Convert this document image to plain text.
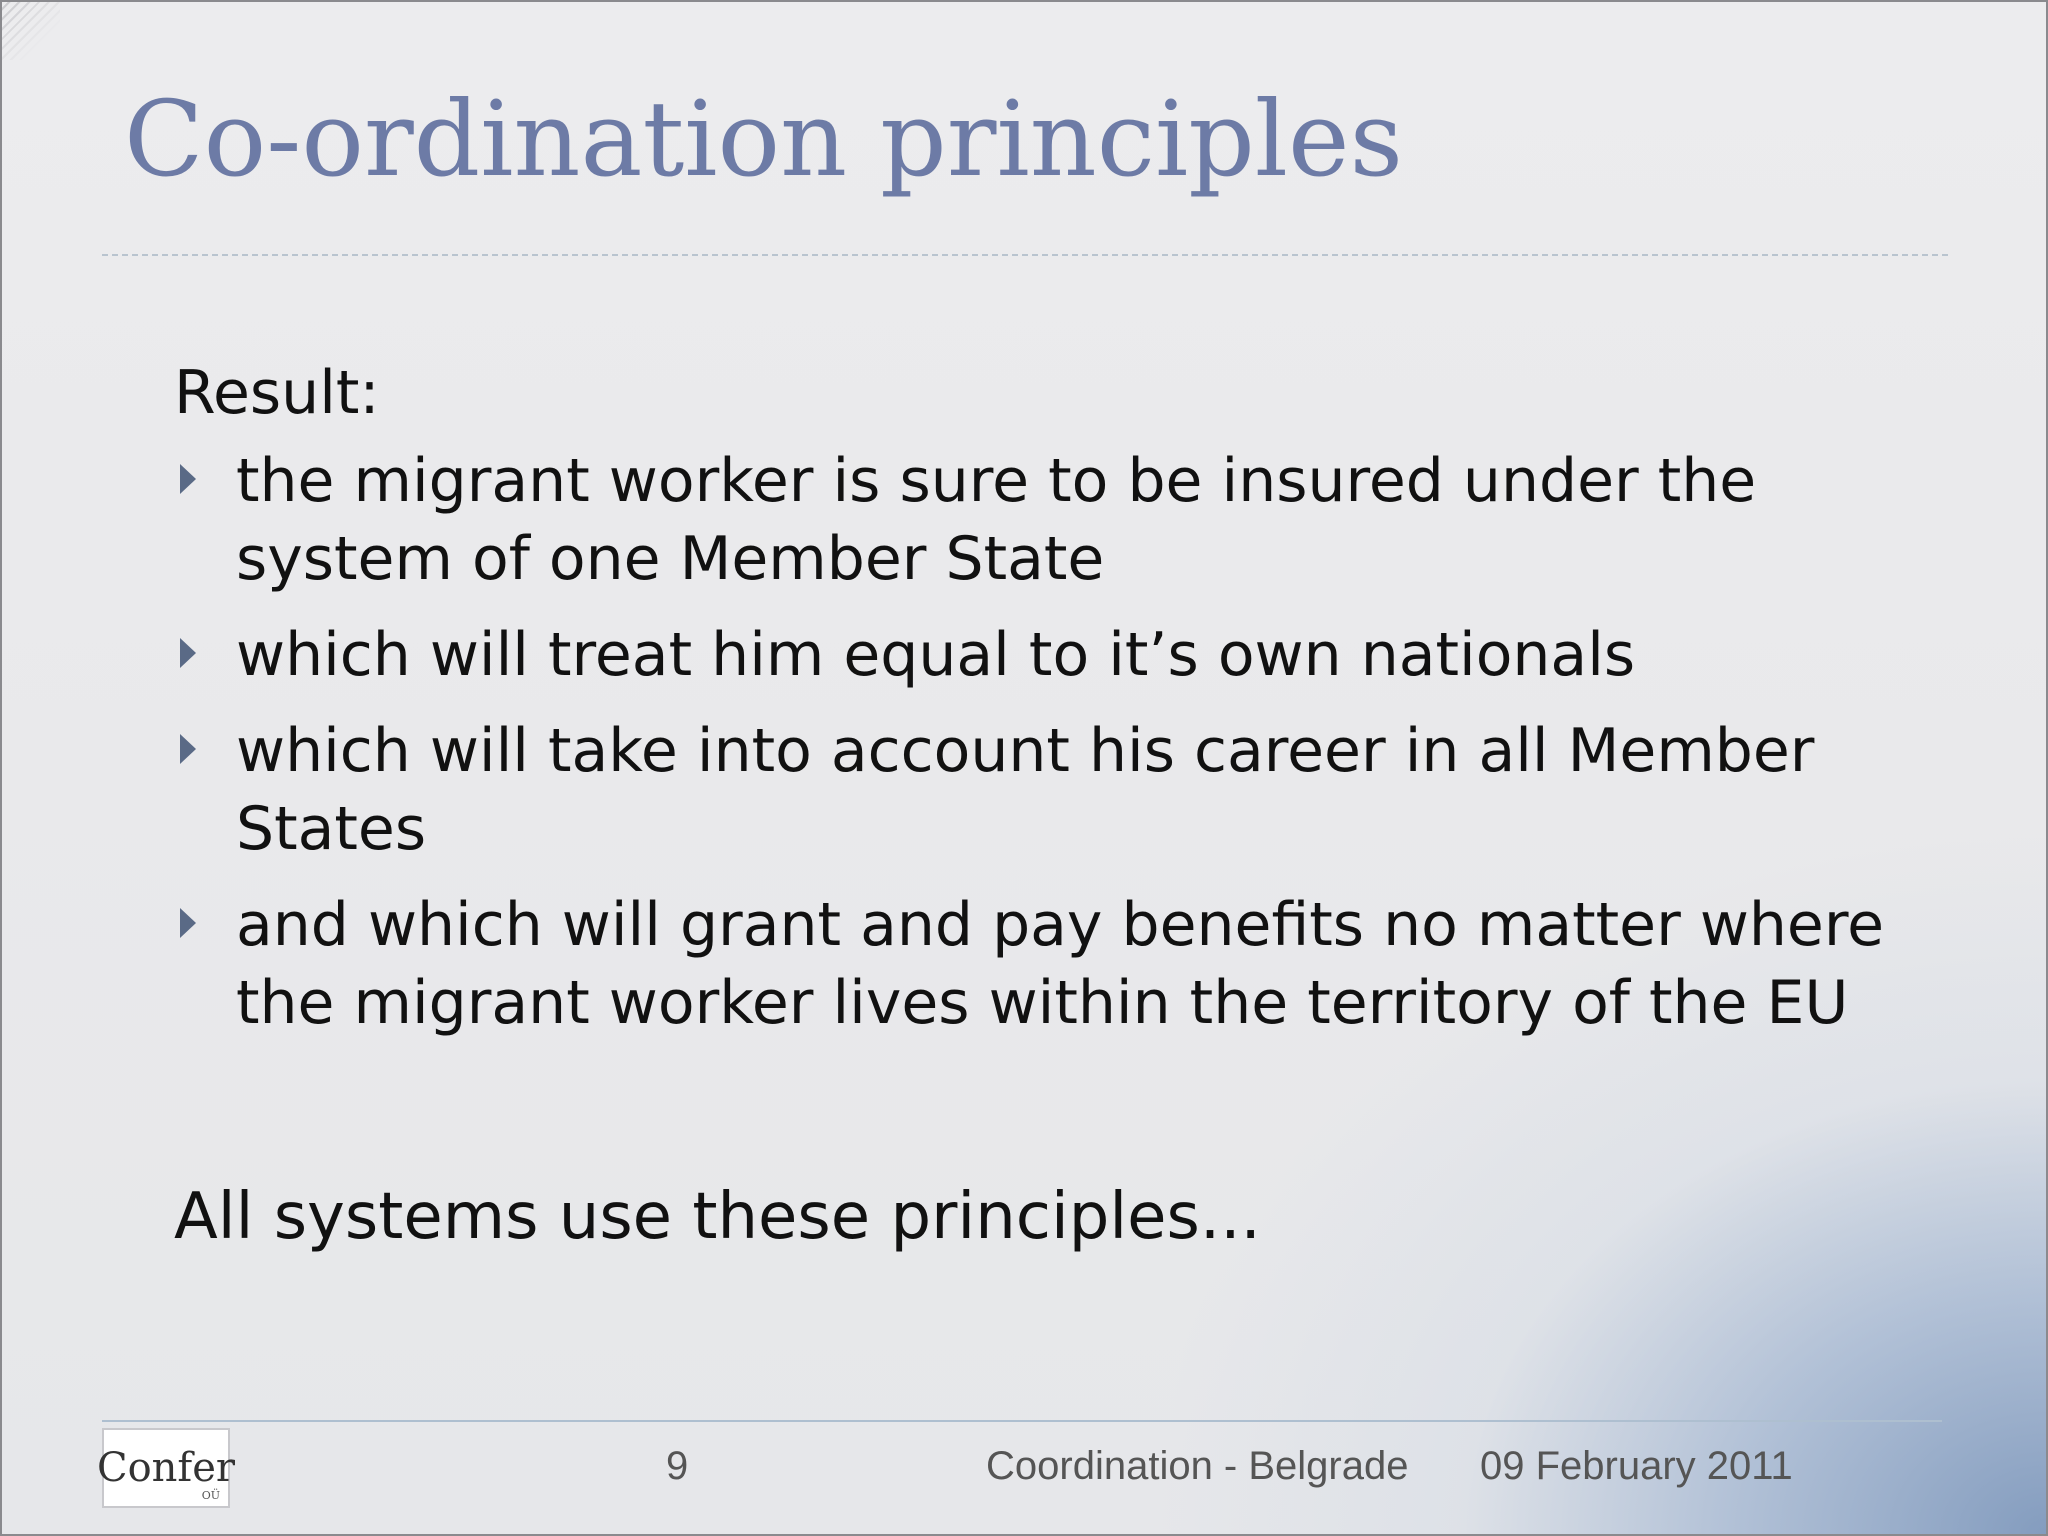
Co-ordination principles
Result:
the migrant worker is sure to be insured under the system of one Member State
which will treat him equal to it’s own nationals
which will take into account his career in all Member States
and which will grant and pay benefits no matter where the migrant worker lives within the territory of the EU
All systems use these principles...
Confer
OÜ
9	Coordination - Belgrade 09 February 2011
